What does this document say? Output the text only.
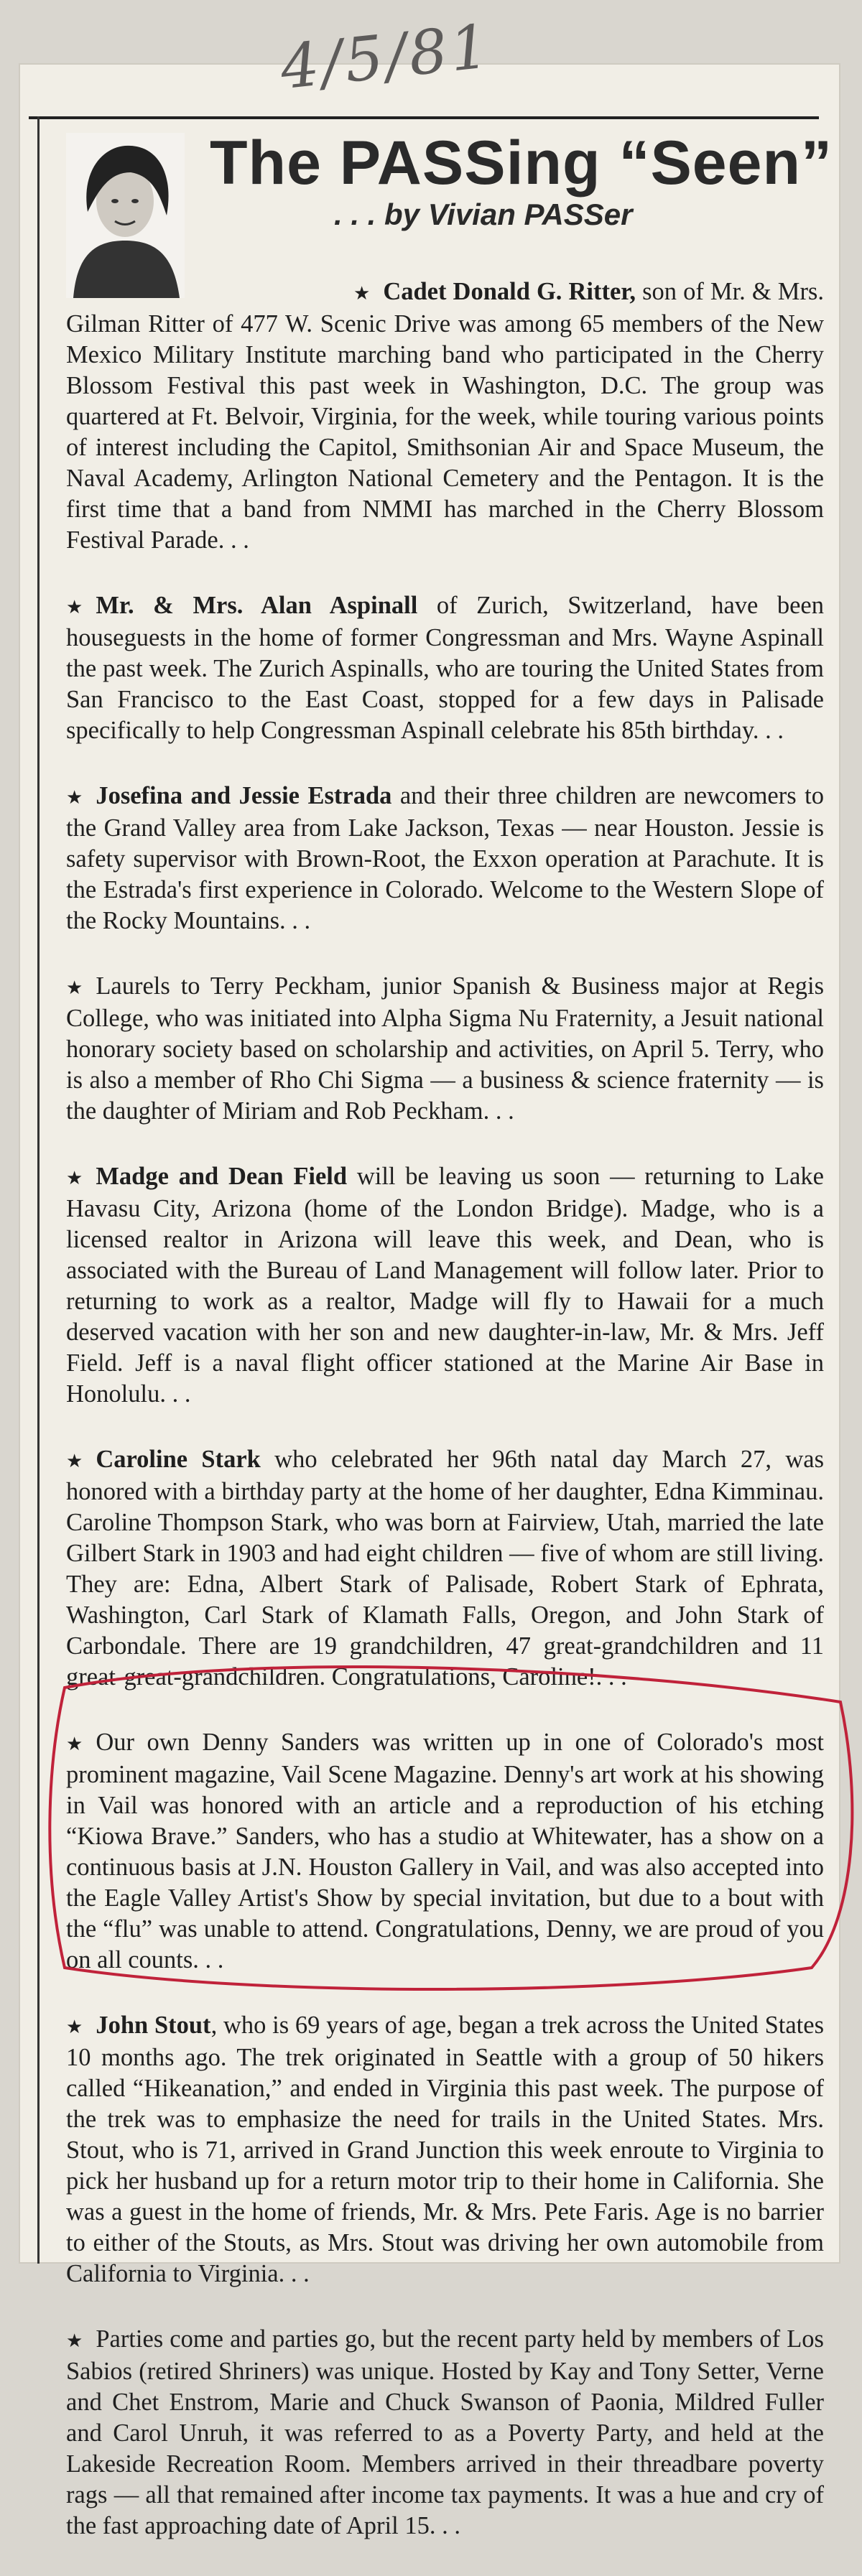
4/5/81
The PASSing “Seen”
. . . by Vivian PASSer

★ Cadet Donald G. Ritter, son of Mr. & Mrs. Gilman Ritter of 477 W. Scenic Drive was among 65 members of the New Mexico Military Institute marching band who participated in the Cherry Blossom Festival this past week in Washington, D.C. The group was quartered at Ft. Belvoir, Virginia, for the week, while touring various points of interest including the Capitol, Smithsonian Air and Space Museum, the Naval Academy, Arlington National Cemetery and the Pentagon. It is the first time that a band from NMMI has marched in the Cherry Blossom Festival Parade. . .

★ Mr. & Mrs. Alan Aspinall of Zurich, Switzerland, have been houseguests in the home of former Congressman and Mrs. Wayne Aspinall the past week. The Zurich Aspinalls, who are touring the United States from San Francisco to the East Coast, stopped for a few days in Palisade specifically to help Congressman Aspinall celebrate his 85th birthday. . .

★ Josefina and Jessie Estrada and their three children are newcomers to the Grand Valley area from Lake Jackson, Texas — near Houston. Jessie is safety supervisor with Brown-Root, the Exxon operation at Parachute. It is the Estrada's first experience in Colorado. Welcome to the Western Slope of the Rocky Mountains. . .

★ Laurels to Terry Peckham, junior Spanish & Business major at Regis College, who was initiated into Alpha Sigma Nu Fraternity, a Jesuit national honorary society based on scholarship and activities, on April 5. Terry, who is also a member of Rho Chi Sigma — a business & science fraternity — is the daughter of Miriam and Rob Peckham. . .

★ Madge and Dean Field will be leaving us soon — returning to Lake Havasu City, Arizona (home of the London Bridge). Madge, who is a licensed realtor in Arizona will leave this week, and Dean, who is associated with the Bureau of Land Management will follow later. Prior to returning to work as a realtor, Madge will fly to Hawaii for a much deserved vacation with her son and new daughter-in-law, Mr. & Mrs. Jeff Field. Jeff is a naval flight officer stationed at the Marine Air Base in Honolulu. . .

★ Caroline Stark who celebrated her 96th natal day March 27, was honored with a birthday party at the home of her daughter, Edna Kimminau. Caroline Thompson Stark, who was born at Fairview, Utah, married the late Gilbert Stark in 1903 and had eight children — five of whom are still living. They are: Edna, Albert Stark of Palisade, Robert Stark of Ephrata, Washington, Carl Stark of Klamath Falls, Oregon, and John Stark of Carbondale. There are 19 grandchildren, 47 great-grandchildren and 11 great-great-grandchildren. Congratulations, Caroline!. . .

★ Our own Denny Sanders was written up in one of Colorado's most prominent magazine, Vail Scene Magazine. Denny's art work at his showing in Vail was honored with an article and a reproduction of his etching “Kiowa Brave.” Sanders, who has a studio at Whitewater, has a show on a continuous basis at J.N. Houston Gallery in Vail, and was also accepted into the Eagle Valley Artist's Show by special invitation, but due to a bout with the “flu” was unable to attend. Congratulations, Denny, we are proud of you on all counts. . .

★ John Stout, who is 69 years of age, began a trek across the United States 10 months ago. The trek originated in Seattle with a group of 50 hikers called “Hikeanation,” and ended in Virginia this past week. The purpose of the trek was to emphasize the need for trails in the United States. Mrs. Stout, who is 71, arrived in Grand Junction this week enroute to Virginia to pick her husband up for a return motor trip to their home in California. She was a guest in the home of friends, Mr. & Mrs. Pete Faris. Age is no barrier to either of the Stouts, as Mrs. Stout was driving her own automobile from California to Virginia. . .

★ Parties come and parties go, but the recent party held by members of Los Sabios (retired Shriners) was unique. Hosted by Kay and Tony Setter, Verne and Chet Enstrom, Marie and Chuck Swanson of Paonia, Mildred Fuller and Carol Unruh, it was referred to as a Poverty Party, and held at the Lakeside Recreation Room. Members arrived in their threadbare poverty rags — all that remained after income tax payments. It was a hue and cry of the fast approaching date of April 15. . .
